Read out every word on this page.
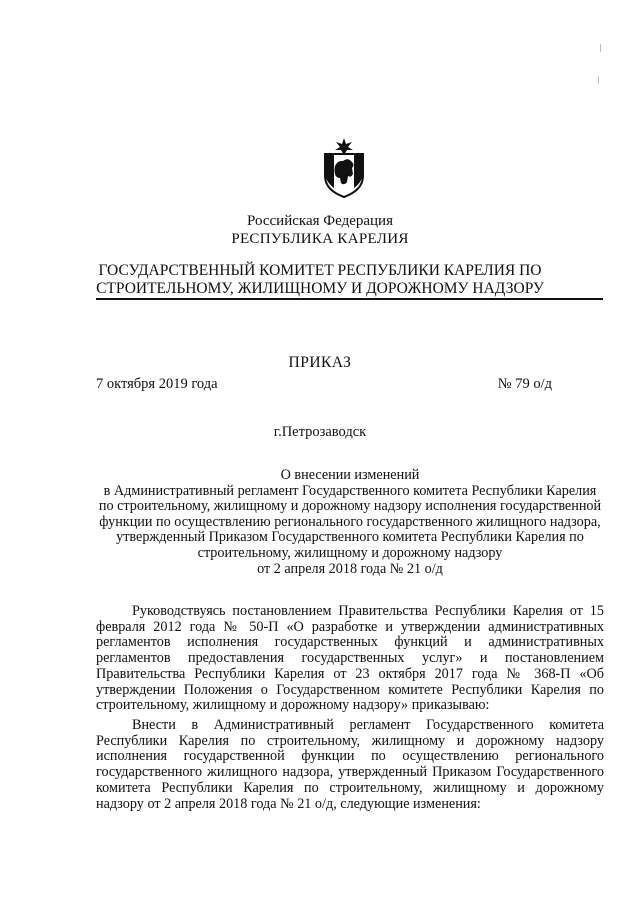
Российская Федерация
РЕСПУБЛИКА КАРЕЛИЯ
ГОСУДАРСТВЕННЫЙ КОМИТЕТ РЕСПУБЛИКИ КАРЕЛИЯ ПО
СТРОИТЕЛЬНОМУ, ЖИЛИЩНОМУ И ДОРОЖНОМУ НАДЗОРУ
ПРИКАЗ
7 октября 2019 года	№ 79 о/д
г.Петрозаводск
О внесении изменений
в Административный регламент Государственного комитета Республики Карелия
по строительному, жилищному и дорожному надзору исполнения государственной
функции по осуществлению регионального государственного жилищного надзора,
утвержденный Приказом Государственного комитета Республики Карелия по
строительному, жилищному и дорожному надзору
от 2 апреля 2018 года № 21 о/д
Руководствуясь постановлением Правительства Республики Карелия от 15 февраля 2012 года № 50-П «О разработке и утверждении административных регламентов исполнения государственных функций и административных регламентов предоставления государственных услуг» и постановлением Правительства Республики Карелия от 23 октября 2017 года № 368-П «Об утверждении Положения о Государственном комитете Республики Карелия по строительному, жилищному и дорожному надзору» приказываю:
Внести в Административный регламент Государственного комитета Республики Карелия по строительному, жилищному и дорожному надзору исполнения государственной функции по осуществлению регионального государственного жилищного надзора, утвержденный Приказом Государственного комитета Республики Карелия по строительному, жилищному и дорожному надзору от 2 апреля 2018 года № 21 о/д, следующие изменения:
